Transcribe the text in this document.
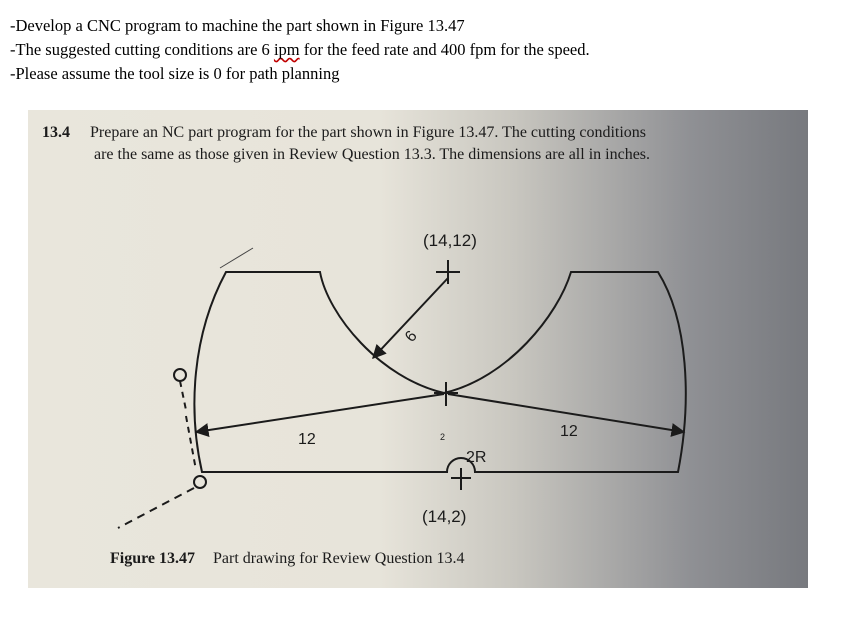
-Develop a CNC program to machine the part shown in Figure 13.47
-The suggested cutting conditions are 6 ipm for the feed rate and 400 fpm for the speed.
-Please assume the tool size is 0 for path planning
13.4 Prepare an NC part program for the part shown in Figure 13.47. The cutting conditions
are the same as those given in Review Question 13.3. The dimensions are all in inches.
(14,12)
6
12	12
2
2R
(14,2)
Figure 13.47 Part drawing for Review Question 13.4
